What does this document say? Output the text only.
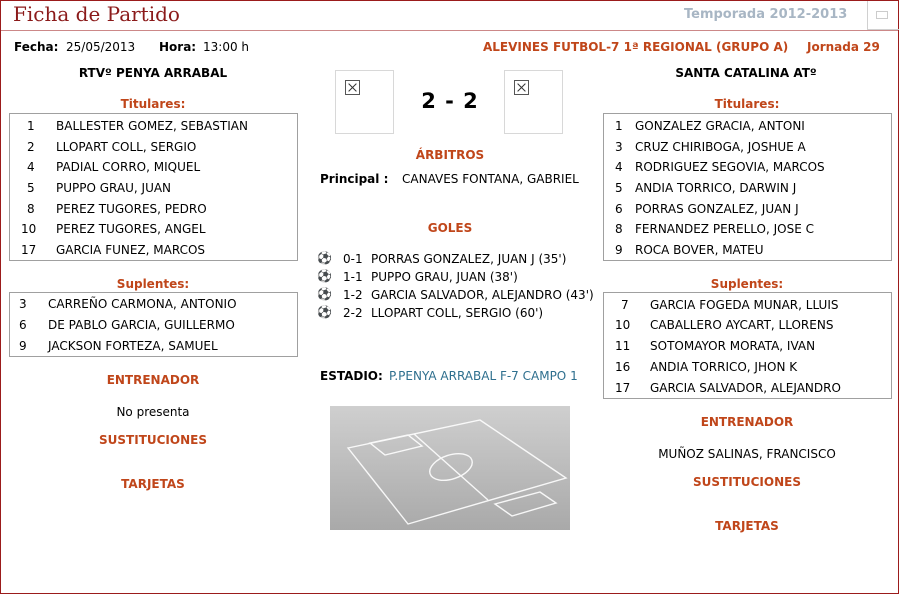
Ficha de Partido	Temporada 2012-2013
Fecha: 25/05/2013 Hora: 13:00 h	ALEVINES FUTBOL-7 1ª REGIONAL (GRUPO A) Jornada 29
RTVº PENYA ARRABAL	SANTA CATALINA ATº
2 - 2
Titulares:
1 BALLESTER GOMEZ, SEBASTIAN
2 LLOPART COLL, SERGIO
4 PADIAL CORRO, MIQUEL
5 PUPPO GRAU, JUAN
8 PEREZ TUGORES, PEDRO
10 PEREZ TUGORES, ANGEL
17 GARCIA FUNEZ, MARCOS
Suplentes:
3 CARREÑO CARMONA, ANTONIO
6 DE PABLO GARCIA, GUILLERMO
9 JACKSON FORTEZA, SAMUEL
ENTRENADOR
No presenta
SUSTITUCIONES
TARJETAS
ÁRBITROS
Principal : CANAVES FONTANA, GABRIEL
GOLES
⚽ 0-1 PORRAS GONZALEZ, JUAN J (35')
⚽ 1-1 PUPPO GRAU, JUAN (38')
⚽ 1-2 GARCIA SALVADOR, ALEJANDRO (43')
⚽ 2-2 LLOPART COLL, SERGIO (60')
ESTADIO: P.PENYA ARRABAL F-7 CAMPO 1
Titulares:
1 GONZALEZ GRACIA, ANTONI
3 CRUZ CHIRIBOGA, JOSHUE A
4 RODRIGUEZ SEGOVIA, MARCOS
5 ANDIA TORRICO, DARWIN J
6 PORRAS GONZALEZ, JUAN J
8 FERNANDEZ PERELLO, JOSE C
9 ROCA BOVER, MATEU
Suplentes:
7 GARCIA FOGEDA MUNAR, LLUIS
10 CABALLERO AYCART, LLORENS
11 SOTOMAYOR MORATA, IVAN
16 ANDIA TORRICO, JHON K
17 GARCIA SALVADOR, ALEJANDRO
ENTRENADOR
MUÑOZ SALINAS, FRANCISCO
SUSTITUCIONES
TARJETAS
